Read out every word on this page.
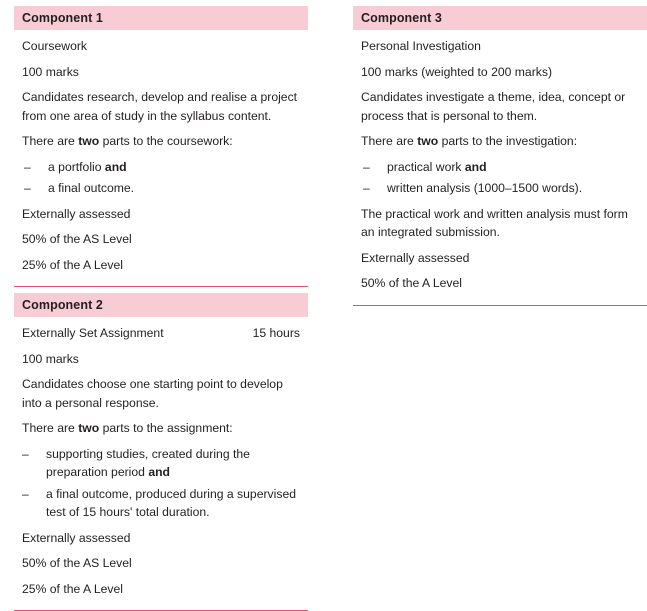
Component 1

Coursework

100 marks

Candidates research, develop and realise a project from one area of study in the syllabus content.

There are two parts to the coursework:

– a portfolio and
– a final outcome.

Externally assessed

50% of the AS Level

25% of the A Level

Component 2

Externally Set Assignment	15 hours

100 marks

Candidates choose one starting point to develop into a personal response.

There are two parts to the assignment:

– supporting studies, created during the preparation period and
– a final outcome, produced during a supervised test of 15 hours' total duration.

Externally assessed

50% of the AS Level

25% of the A Level

Component 3

Personal Investigation

100 marks (weighted to 200 marks)

Candidates investigate a theme, idea, concept or process that is personal to them.

There are two parts to the investigation:

– practical work and
– written analysis (1000–1500 words).

The practical work and written analysis must form an integrated submission.

Externally assessed

50% of the A Level
